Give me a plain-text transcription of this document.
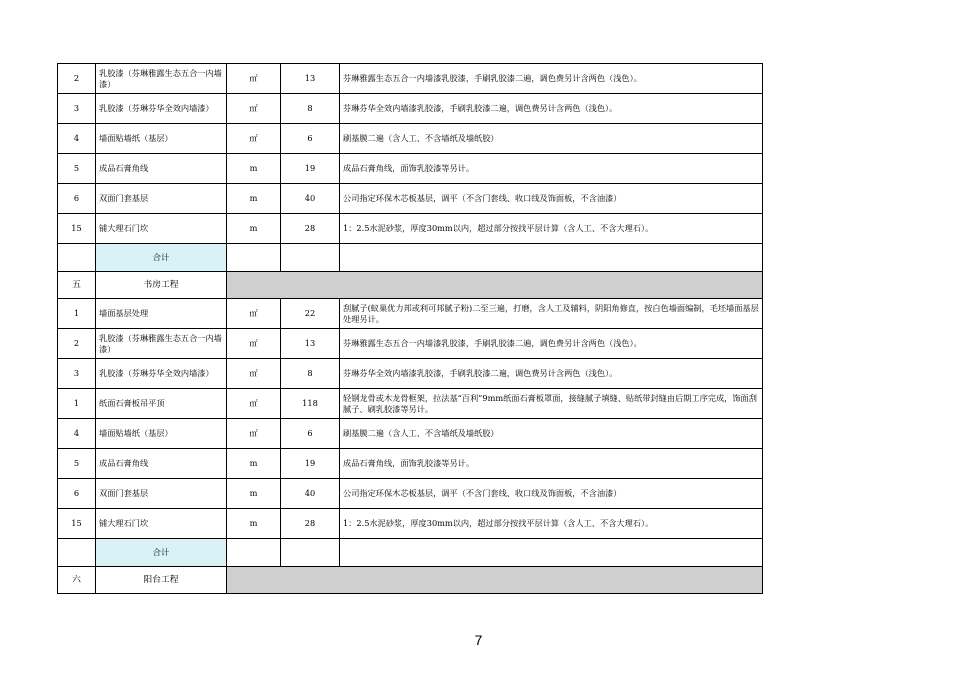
2	乳胶漆（芬琳雅露生态五合一内墙漆）	㎡	13	芬琳雅露生态五合一内墙漆乳胶漆，手刷乳胶漆二遍，调色费另计含两色（浅色）。
3	乳胶漆（芬琳芬华全效内墙漆）	㎡	8	芬琳芬华全效内墙漆乳胶漆，手刷乳胶漆二遍，调色费另计含两色（浅色）。
4	墙面贴墙纸（基层）	㎡	6	刷基膜二遍（含人工、不含墙纸及墙纸胶）
5	成品石膏角线	m	19	成品石膏角线，面饰乳胶漆等另计。
6	双面门套基层	m	40	公司指定环保木芯板基层，调平（不含门套线、收口线及饰面板，不含油漆）
15	铺大理石门坎	m	28	1：2.5水泥砂浆，厚度30mm以内，超过部分按找平层计算（含人工、不含大理石）。
	合计			
五	书房工程			
1	墙面基层处理	㎡	22	刮腻子(蚁巢优力邦或利可邦腻子粉)二至三遍，打磨，含人工及辅料，阴阳角修直，按白色墙面编制，毛坯墙面基层处理另计。
2	乳胶漆（芬琳雅露生态五合一内墙漆）	㎡	13	芬琳雅露生态五合一内墙漆乳胶漆，手刷乳胶漆二遍，调色费另计含两色（浅色）。
3	乳胶漆（芬琳芬华全效内墙漆）	㎡	8	芬琳芬华全效内墙漆乳胶漆，手刷乳胶漆二遍，调色费另计含两色（浅色）。
1	纸面石膏板吊平顶	㎡	118	轻钢龙骨或木龙骨框架，拉法基“百利”9mm纸面石膏板罩面，接缝腻子填缝、贴纸带封缝由后期工序完成，饰面刮腻子、刷乳胶漆等另计。
4	墙面贴墙纸（基层）	㎡	6	刷基膜二遍（含人工、不含墙纸及墙纸胶）
5	成品石膏角线	m	19	成品石膏角线，面饰乳胶漆等另计。
6	双面门套基层	m	40	公司指定环保木芯板基层，调平（不含门套线、收口线及饰面板，不含油漆）
15	铺大理石门坎	m	28	1：2.5水泥砂浆，厚度30mm以内，超过部分按找平层计算（含人工、不含大理石）。
	合计			
六	阳台工程			
7
